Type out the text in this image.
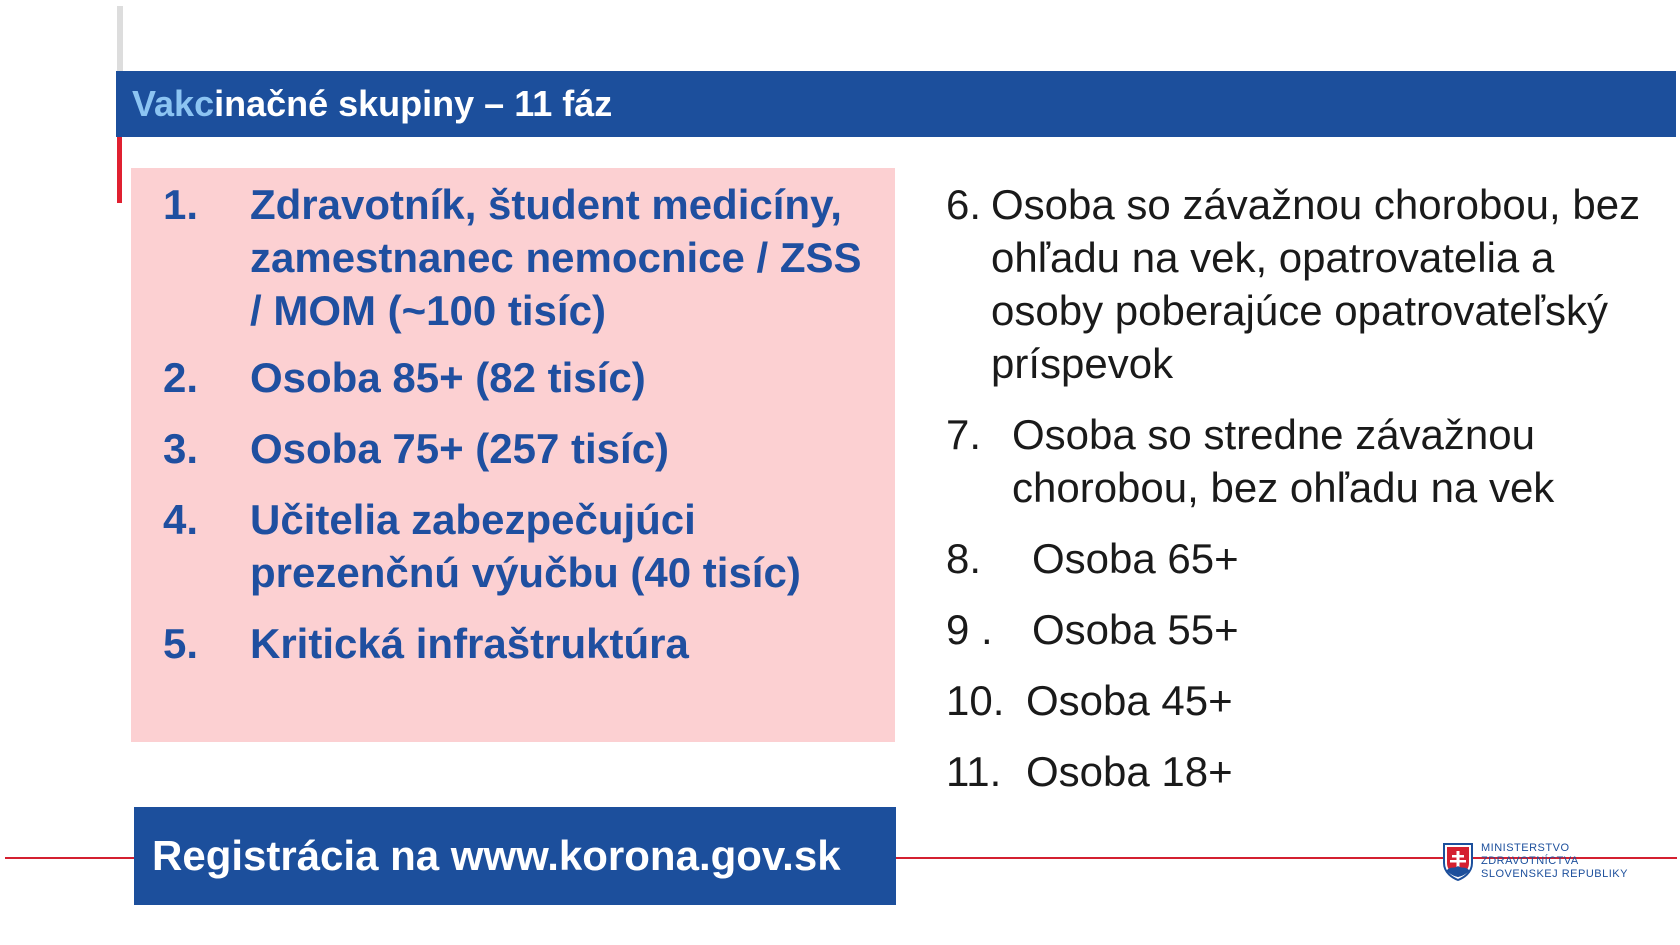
Vakcinačné skupiny – 11 fáz
1.	Zdravotník, študent medicíny, zamestnanec nemocnice / ZSS / MOM (~100 tisíc)
2.	Osoba 85+ (82 tisíc)
3.	Osoba 75+ (257 tisíc)
4.	Učitelia zabezpečujúci prezenčnú výučbu (40 tisíc)
5.	Kritická infraštruktúra
6. Osoba so závažnou chorobou, bez ohľadu na vek, opatrovatelia a osoby poberajúce opatrovateľský príspevok
7. Osoba so stredne závažnou chorobou, bez ohľadu na vek
8.	Osoba 65+
9 . Osoba 55+
10. Osoba 45+
11. Osoba 18+
Registrácia na www.korona.gov.sk	MINISTERSTVO
ZDRAVOTNÍCTVA
SLOVENSKEJ REPUBLIKY
